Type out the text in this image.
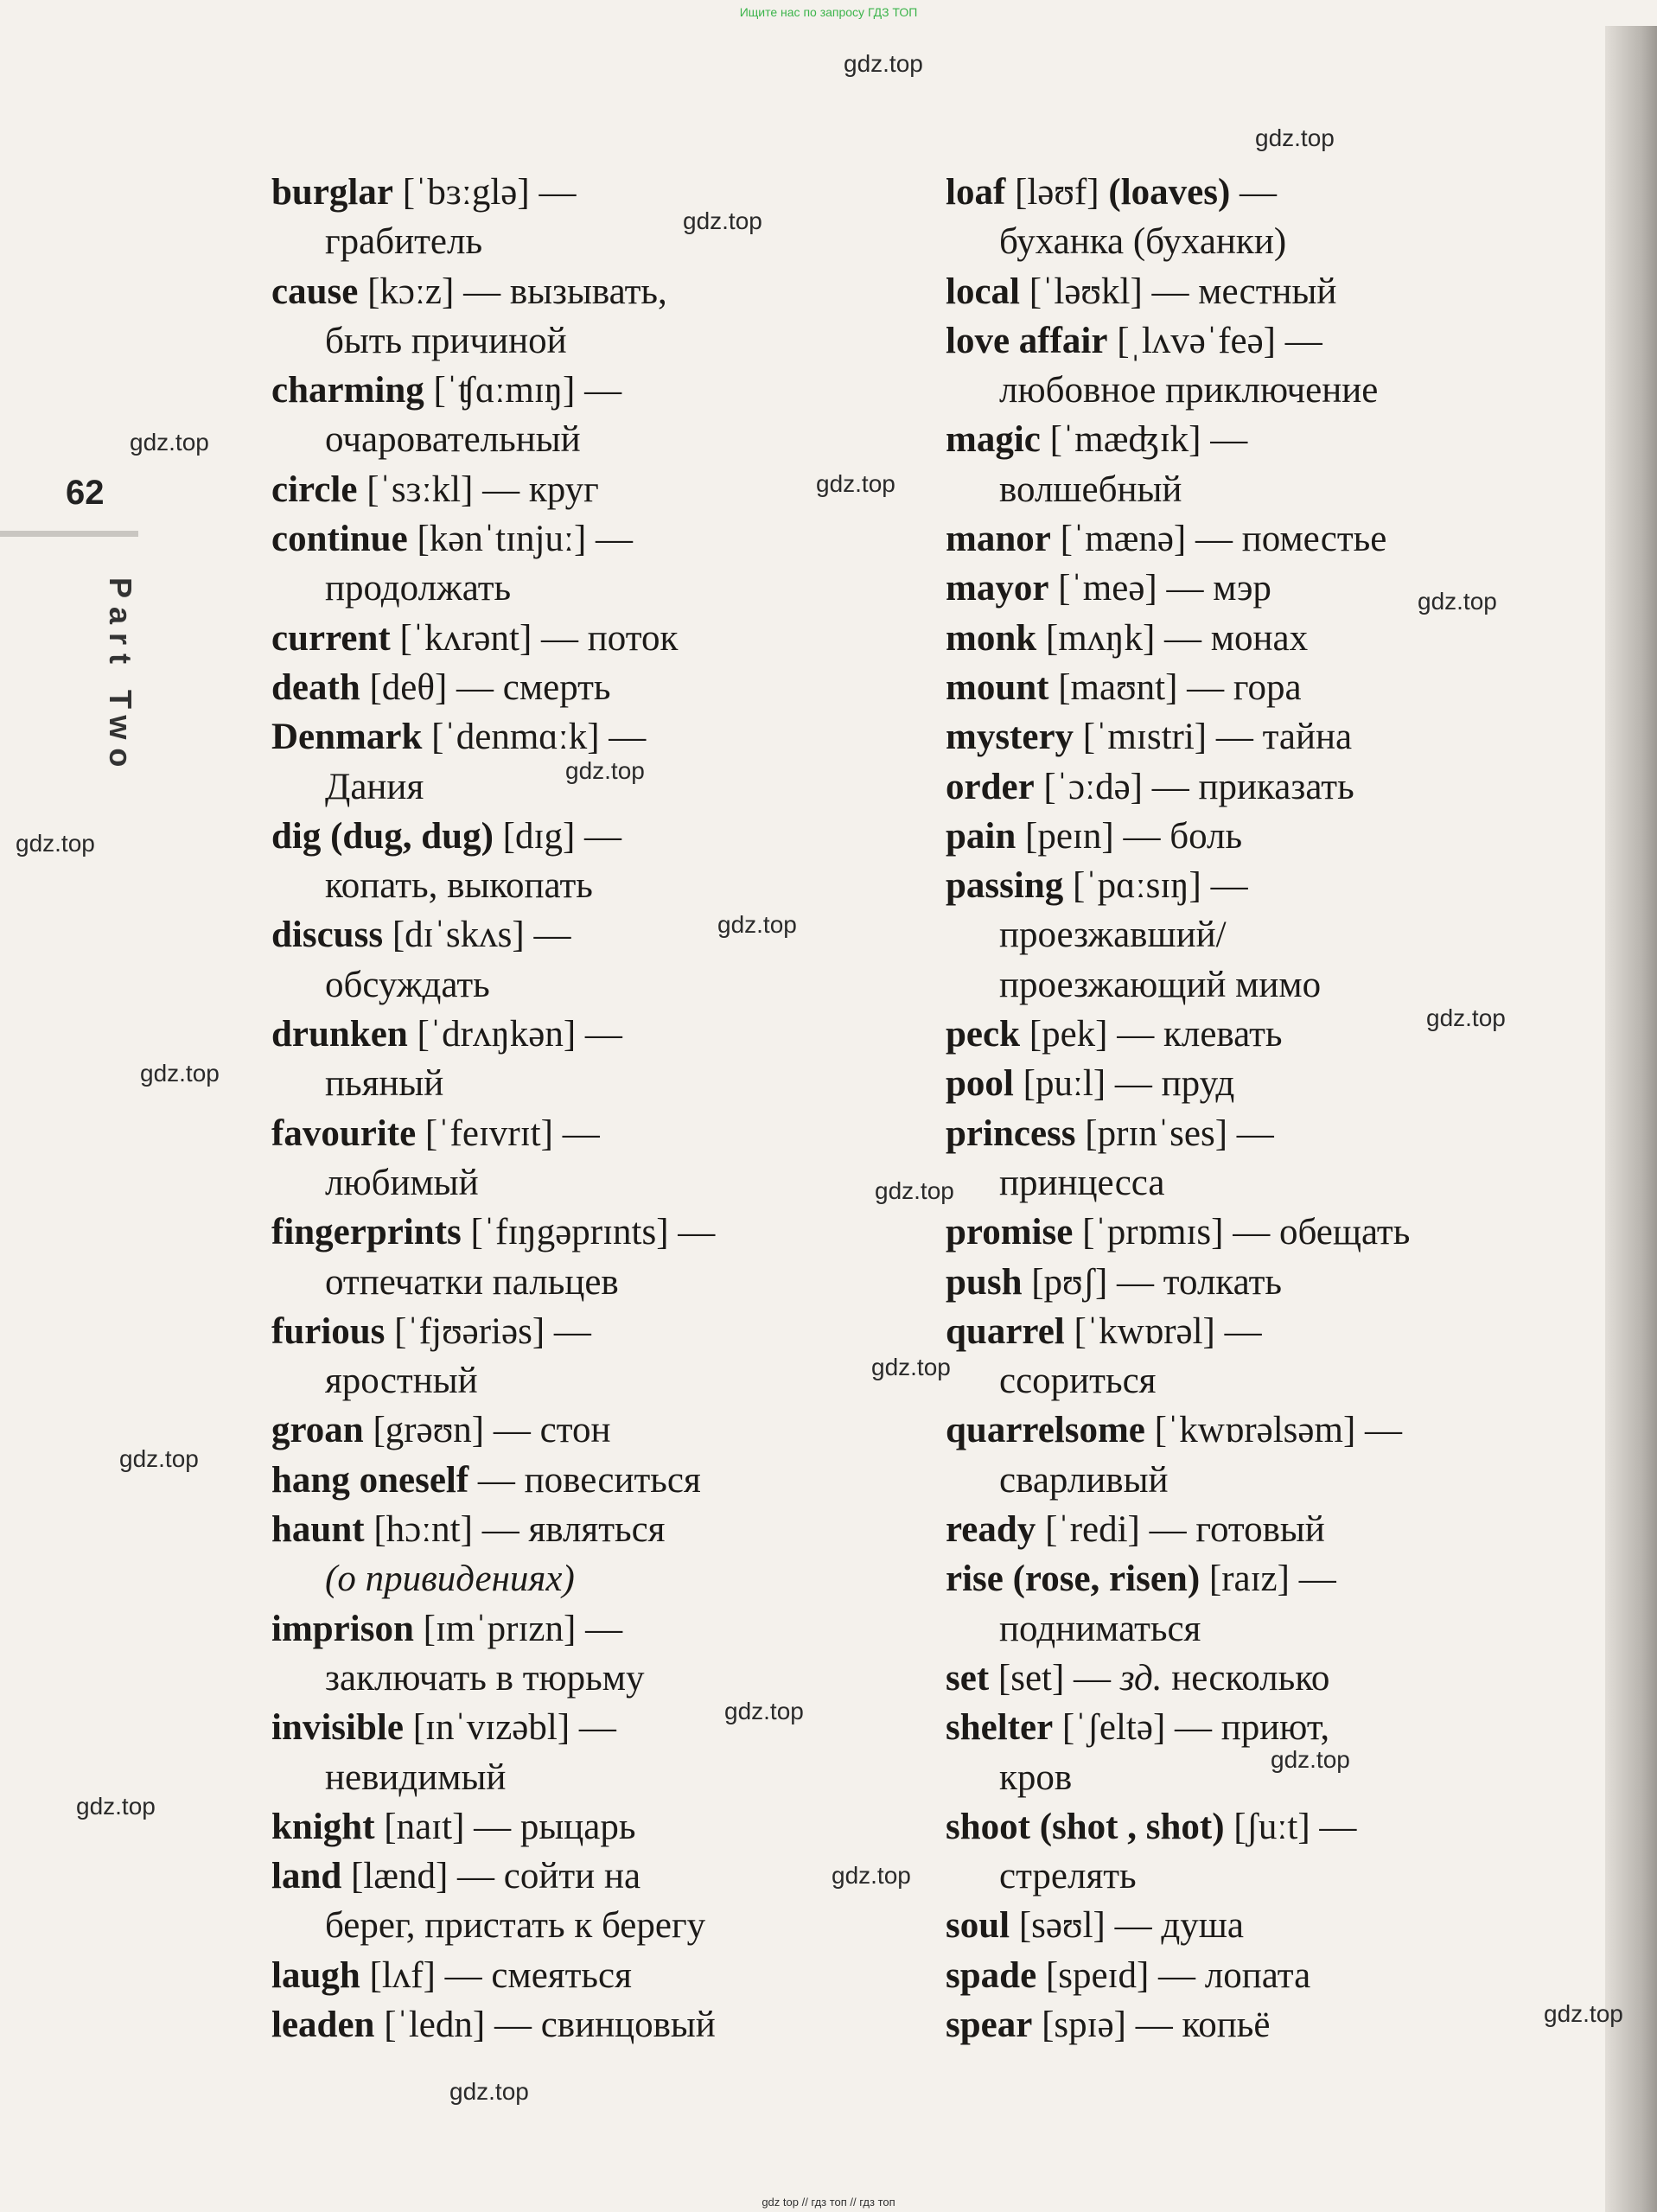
Ищите нас по запросу ГДЗ ТОП
62
Part Two
burglar [ˈbɜːglə] —
грабитель
cause [kɔːz] — вызывать,
быть причиной
charming [ˈʧɑːmɪŋ] —
очаровательный
circle [ˈsɜːkl] — круг
continue [kənˈtɪnjuː] —
продолжать
current [ˈkʌrənt] — поток
death [deθ] — смерть
Denmark [ˈdenmɑːk] —
Дания
dig (dug, dug) [dɪg] —
копать, выкопать
discuss [dɪˈskʌs] —
обсуждать
drunken [ˈdrʌŋkən] —
пьяный
favourite [ˈfeɪvrɪt] —
любимый
fingerprints [ˈfɪŋgəprɪnts] —
отпечатки пальцев
furious [ˈfjʊəriəs] —
яростный
groan [grəʊn] — стон
hang oneself — повеситься
haunt [hɔːnt] — являться
(о привидениях)
imprison [ɪmˈprɪzn] —
заключать в тюрьму
invisible [ɪnˈvɪzəbl] —
невидимый
knight [naɪt] — рыцарь
land [lænd] — сойти на
берег, пристать к берегу
laugh [lʌf] — смеяться
leaden [ˈledn] — свинцовый
loaf [ləʊf] (loaves) —
буханка (буханки)
local [ˈləʊkl] — местный
love affair [ˌlʌvəˈfeə] —
любовное приключение
magic [ˈmæʤɪk] —
волшебный
manor [ˈmænə] — поместье
mayor [ˈmeə] — мэр
monk [mʌŋk] — монах
mount [maʊnt] — гора
mystery [ˈmɪstri] — тайна
order [ˈɔːdə] — приказать
pain [peɪn] — боль
passing [ˈpɑːsɪŋ] —
проезжавший/
проезжающий мимо
peck [pek] — клевать
pool [puːl] — пруд
princess [prɪnˈses] —
принцесса
promise [ˈprɒmɪs] — обещать
push [pʊʃ] — толкать
quarrel [ˈkwɒrəl] —
ссориться
quarrelsome [ˈkwɒrəlsəm] —
сварливый
ready [ˈredi] — готовый
rise (rose, risen) [raɪz] —
подниматься
set [set] — зд. несколько
shelter [ˈʃeltə] — приют,
кров
shoot (shot , shot) [ʃuːt] —
стрелять
soul [səʊl] — душа
spade [speɪd] — лопата
spear [spɪə] — копьё
gdz.top
gdz.top
gdz.top
gdz.top
gdz.top
gdz.top
gdz.top
gdz.top
gdz.top
gdz.top
gdz.top
gdz.top
gdz.top
gdz.top
gdz.top
gdz.top
gdz.top
gdz.top
gdz.top
gdz.top
gdz top // гдз топ // гдз топ
